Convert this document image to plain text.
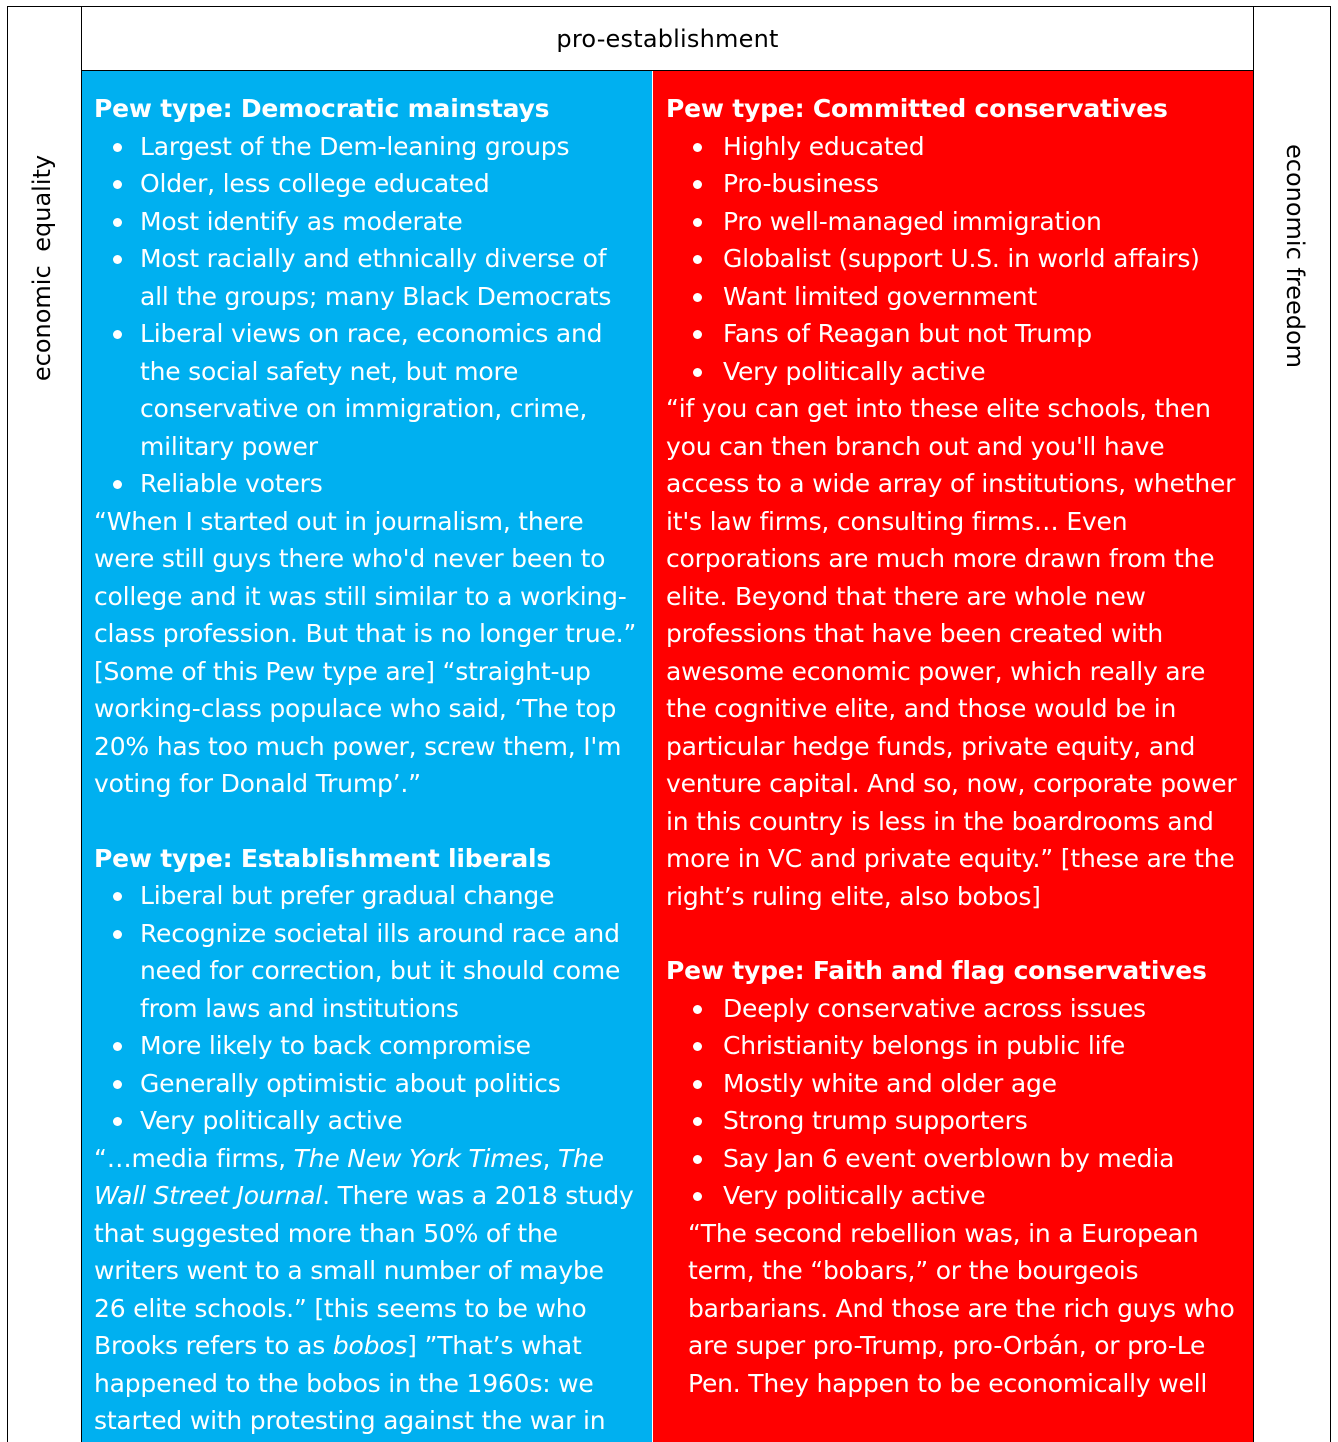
pro-establishment
economic equality	economic freedom
Pew type: Democratic mainstays
Largest of the Dem-leaning groups
Older, less college educated
Most identify as moderate
Most racially and ethnically diverse of all the groups; many Black Democrats
Liberal views on race, economics and the social safety net, but more conservative on immigration, crime, military power
Reliable voters

“When I started out in journalism, there were still guys there who'd never been to college and it was still similar to a working-class profession. But that is no longer true.” [Some of this Pew type are] “straight-up working-class populace who said, ‘The top 20% has too much power, screw them, I'm voting for Donald Trump’.”

Pew type: Establishment liberals
Liberal but prefer gradual change
Recognize societal ills around race and need for correction, but it should come from laws and institutions
More likely to back compromise
Generally optimistic about politics
Very politically active

“…media firms, The New York Times, The Wall Street Journal. There was a 2018 study that suggested more than 50% of the writers went to a small number of maybe 26 elite schools.” [this seems to be who Brooks refers to as bobos] ”That’s what happened to the bobos in the 1960s: we started with protesting against the war in

Pew type: Committed conservatives
Highly educated
Pro-business
Pro well-managed immigration
Globalist (support U.S. in world affairs)
Want limited government
Fans of Reagan but not Trump
Very politically active

“if you can get into these elite schools, then you can then branch out and you'll have access to a wide array of institutions, whether it's law firms, consulting firms… Even corporations are much more drawn from the elite. Beyond that there are whole new professions that have been created with awesome economic power, which really are the cognitive elite, and those would be in particular hedge funds, private equity, and venture capital. And so, now, corporate power in this country is less in the boardrooms and more in VC and private equity.” [these are the right’s ruling elite, also bobos]

Pew type: Faith and flag conservatives
Deeply conservative across issues
Christianity belongs in public life
Mostly white and older age
Strong trump supporters
Say Jan 6 event overblown by media
Very politically active

“The second rebellion was, in a European term, the “bobars,” or the bourgeois barbarians. And those are the rich guys who are super pro-Trump, pro-Orbán, or pro-Le Pen. They happen to be economically well
